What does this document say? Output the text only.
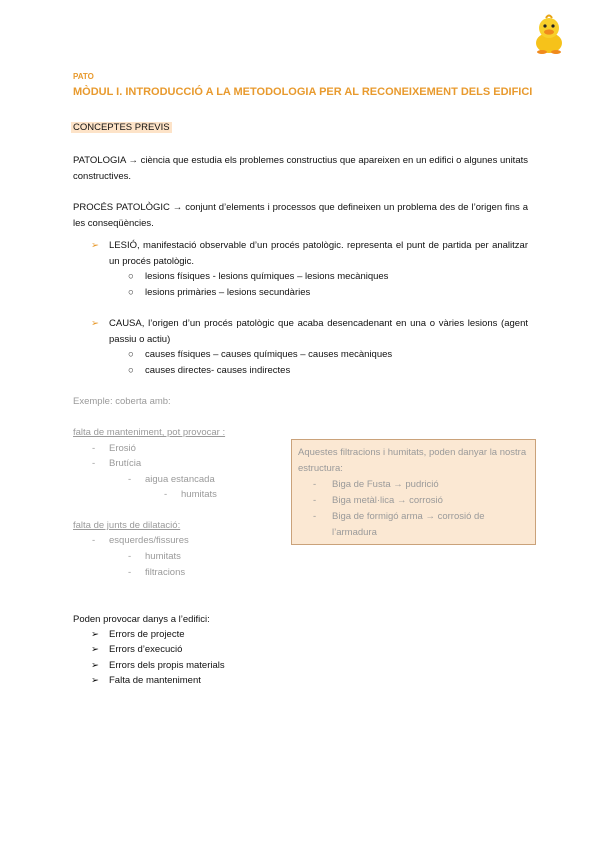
PATO
MÒDUL I. INTRODUCCIÓ A LA METODOLOGIA PER AL RECONEIXEMENT DELS EDIFICI
CONCEPTES PREVIS
PATOLOGIA → ciència que estudia els problemes constructius que apareixen en un edifici o algunes unitats constructives.
PROCÉS PATOLÒGIC → conjunt d’elements i processos que defineixen un problema des de l’origen fins a les conseqüències.
➢ LESIÓ, manifestació observable d’un procés patològic. representa el punt de partida per analitzar un procés patològic.
○ lesions físiques - lesions químiques – lesions mecàniques
○ lesions primàries – lesions secundàries
➢ CAUSA, l’origen d’un procés patològic que acaba desencadenant en una o vàries lesions (agent passiu o actiu)
○ causes físiques – causes químiques – causes mecàniques
○ causes directes- causes indirectes
Exemple: coberta amb:
falta de manteniment, pot provocar :
- Erosió
- Brutícia
- aigua estancada
- humitats
falta de junts de dilatació:
- esquerdes/fissures
- humitats
- filtracions
Aquestes filtracions i humitats, poden danyar la nostra estructura:
- Biga de Fusta → pudrició
- Biga metàl·lica → corrosió
- Biga de formigó arma → corrosió de l’armadura
Poden provocar danys a l’edifici:
➢ Errors de projecte
➢ Errors d’execució
➢ Errors dels propis materials
➢ Falta de manteniment
